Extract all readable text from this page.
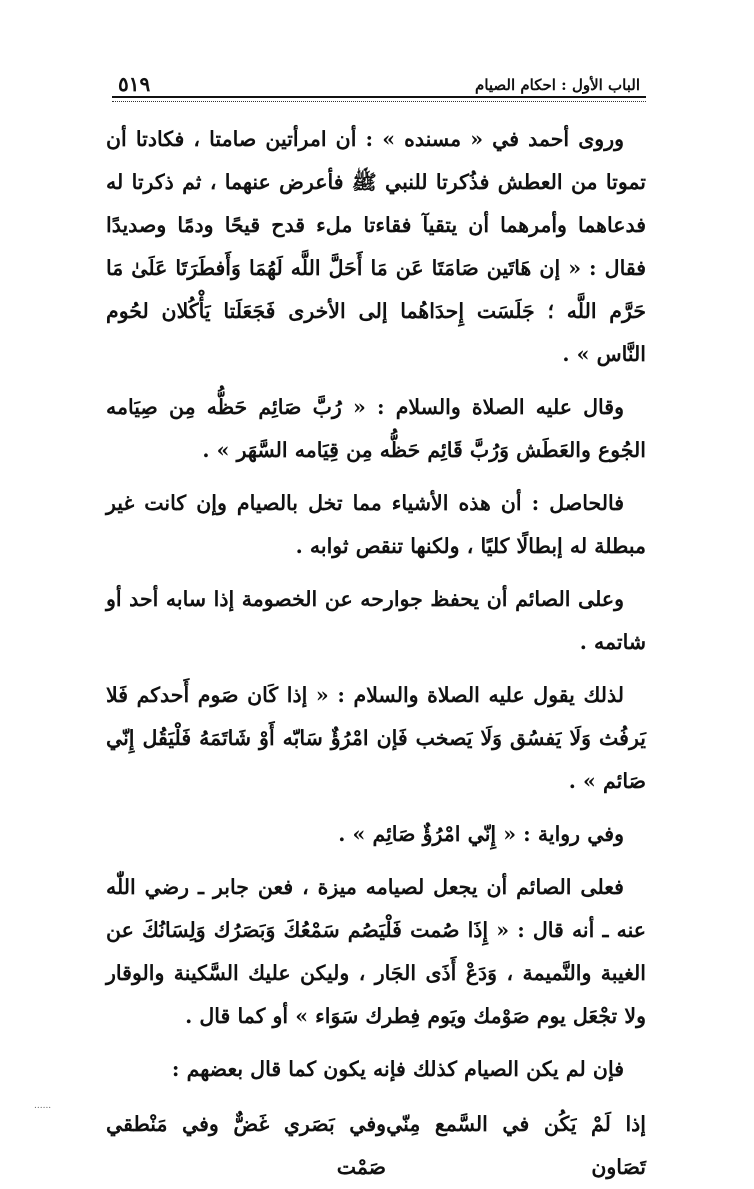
٥١٩	الباب الأول : احكام الصيام

وروى أحمد في « مسنده » : أن امرأتين صامتا ، فكادتا أن تموتا من العطش فذُكرتا للنبي ﷺ فأعرض عنهما ، ثم ذكرتا له فدعاهما وأمرهما أن يتقيآ فقاءتا ملء قدح قيحًا ودمًا وصديدًا فقال : « إن هَاتَين صَامَتَا عَن مَا أَحَلَّ اللَّه لَهُمَا وَأَفطَرَتَا عَلَىٰ مَا حَرَّم اللَّه ؛ جَلَسَت إِحدَاهُما إلى الأخرى فَجَعَلَتا يَأْكُلان لحُوم النَّاس » .

وقال عليه الصلاة والسلام : « رُبَّ صَائِم حَظُّه مِن صِيَامه الجُوع والعَطَش وَرُبَّ قَائِم حَظُّه مِن قِيَامه السَّهَر » .

فالحاصل : أن هذه الأشياء مما تخل بالصيام وإن كانت غير مبطلة له إبطالًا كليًا ، ولكنها تنقص ثوابه .

وعلى الصائم أن يحفظ جوارحه عن الخصومة إذا سابه أحد أو شاتمه .

لذلك يقول عليه الصلاة والسلام : « إذا كَان صَوم أَحدكم فَلا يَرفُث وَلَا يَفسُق وَلَا يَصخب فَإن امْرُؤٌ سَابّه أَوْ شَاتَمَهُ فَلْيَقُل إِنّي صَائم » .

وفي رواية : « إِنّي امْرُؤٌ صَائِم » .

فعلى الصائم أن يجعل لصيامه ميزة ، فعن جابر ـ رضي اللّٰه عنه ـ أنه قال : « إِذَا صُمت فَلْيَصُم سَمْعُكَ وَبَصَرُك وَلِسَانُكَ عن الغيبة والنَّميمة ، وَدَعْ أَذَى الجَار ، وليكن عليك السَّكينة والوقار ولا تجْعَل يوم صَوْمك ويَوم فِطرك سَوَاء » أو كما قال .

فإن لم يكن الصيام كذلك فإنه يكون كما قال بعضهم :

إذا لَمْ يَكُن في السَّمع مِنّي تَصَاون
وفي بَصَري غَضٌّ وفي مَنْطقي صَمْت
......
